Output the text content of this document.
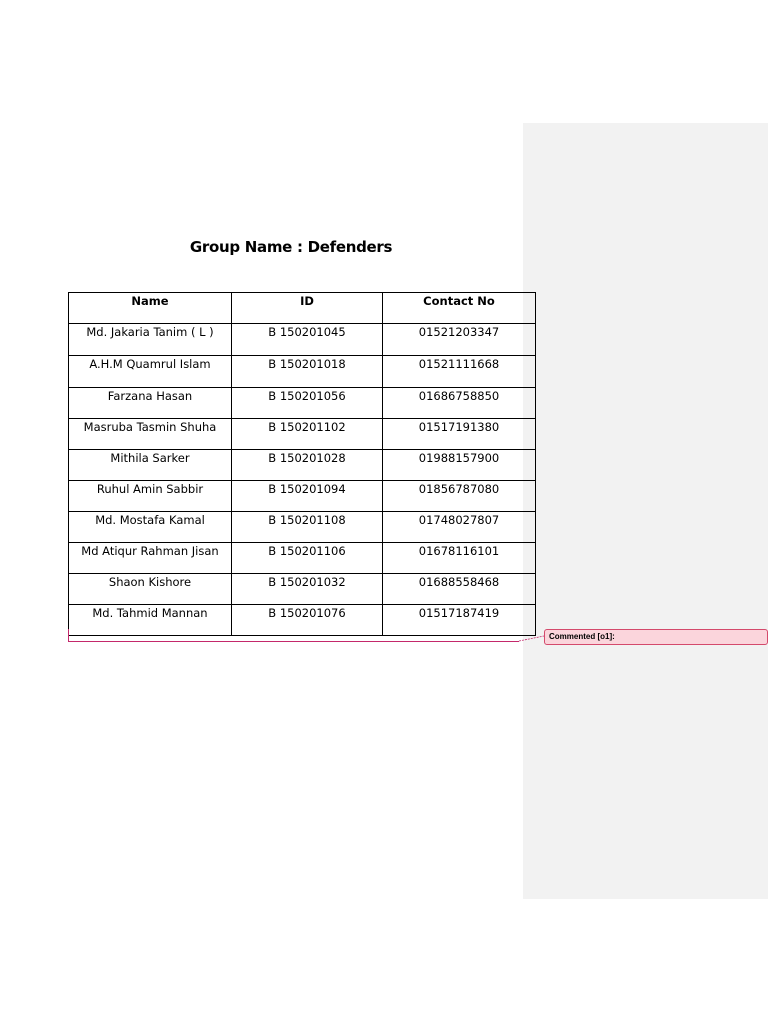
Group Name : Defenders
Name	ID	Contact No
Md. Jakaria Tanim ( L )	B 150201045	01521203347
A.H.M Quamrul Islam	B 150201018	01521111668
Farzana Hasan	B 150201056	01686758850
Masruba Tasmin Shuha	B 150201102	01517191380
Mithila Sarker	B 150201028	01988157900
Ruhul Amin Sabbir	B 150201094	01856787080
Md. Mostafa Kamal	B 150201108	01748027807
Md Atiqur Rahman Jisan	B 150201106	01678116101
Shaon Kishore	B 150201032	01688558468
Md. Tahmid Mannan	B 150201076	01517187419
Commented [o1]:
